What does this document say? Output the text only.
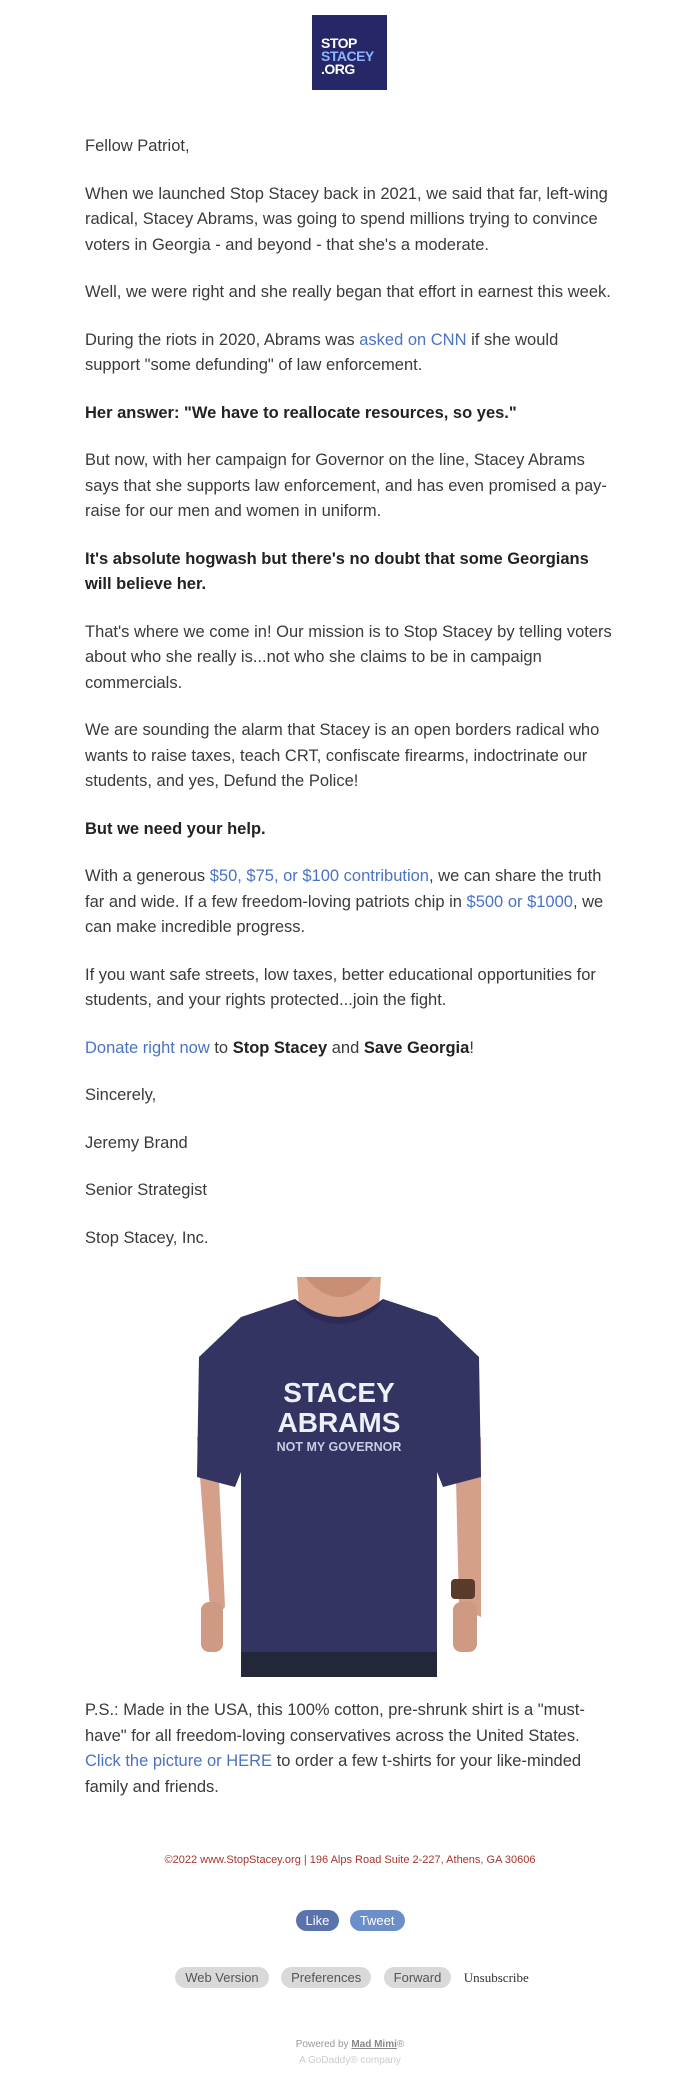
STOP
STACEY
.ORG

Fellow Patriot,

When we launched Stop Stacey back in 2021, we said that far, left-wing radical, Stacey Abrams, was going to spend millions trying to convince voters in Georgia - and beyond - that she's a moderate.

Well, we were right and she really began that effort in earnest this week.

During the riots in 2020, Abrams was asked on CNN if she would support "some defunding" of law enforcement.

Her answer: "We have to reallocate resources, so yes."

But now, with her campaign for Governor on the line, Stacey Abrams says that she supports law enforcement, and has even promised a pay-raise for our men and women in uniform.

It's absolute hogwash but there's no doubt that some Georgians will believe her.

That's where we come in! Our mission is to Stop Stacey by telling voters about who she really is...not who she claims to be in campaign commercials.

We are sounding the alarm that Stacey is an open borders radical who wants to raise taxes, teach CRT, confiscate firearms, indoctrinate our students, and yes, Defund the Police!

But we need your help.

With a generous $50, $75, or $100 contribution, we can share the truth far and wide. If a few freedom-loving patriots chip in $500 or $1000, we can make incredible progress.

If you want safe streets, low taxes, better educational opportunities for students, and your rights protected...join the fight.

Donate right now to Stop Stacey and Save Georgia!

Sincerely,

Jeremy Brand

Senior Strategist

Stop Stacey, Inc.

STACEY
ABRAMS
NOT MY GOVERNOR
P.S.: Made in the USA, this 100% cotton, pre-shrunk shirt is a "must-have" for all freedom-loving conservatives across the United States. Click the picture or HERE to order a few t-shirts for your like-minded family and friends.
©2022 www.StopStacey.org | 196 Alps Road Suite 2-227, Athens, GA 30606
Like Tweet
Web Version Preferences Forward Unsubscribe
Powered by Mad Mimi®
A GoDaddy® company
